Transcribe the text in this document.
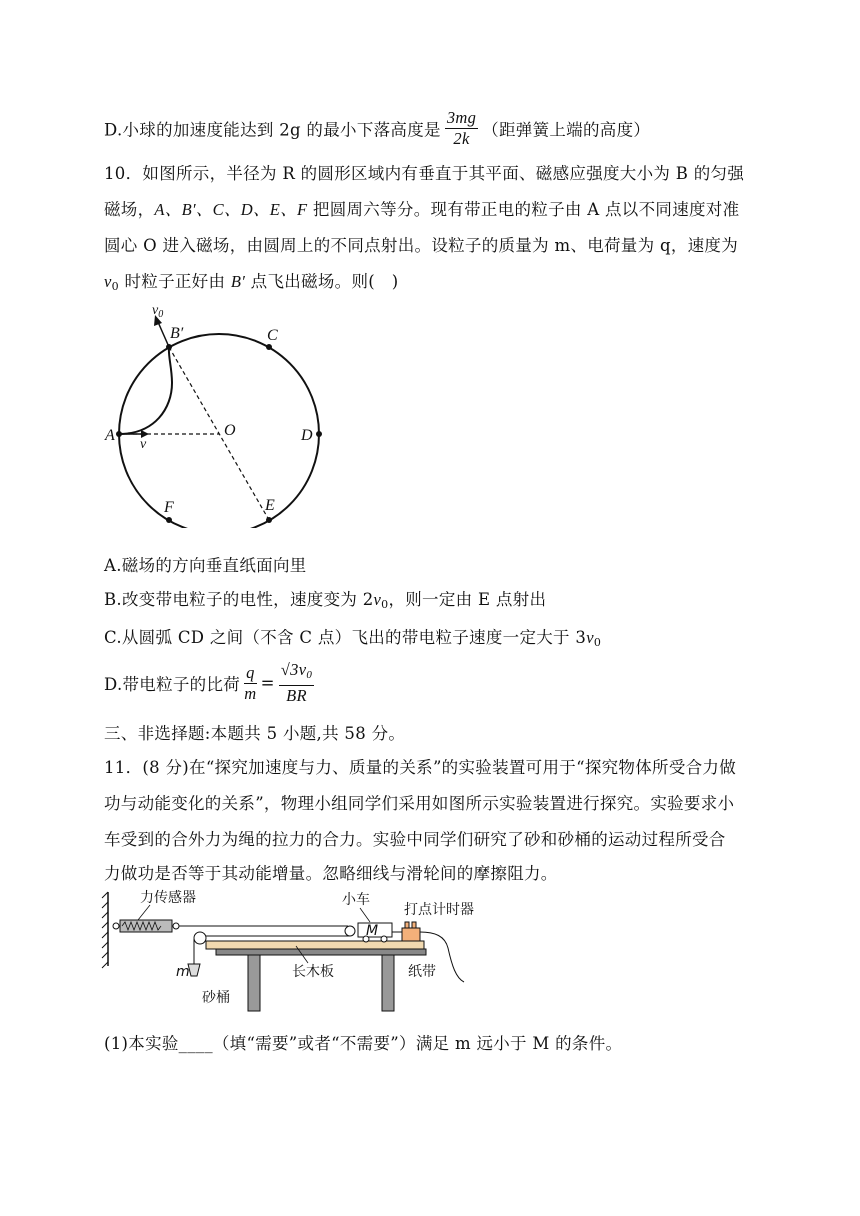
D.小球的加速度能达到 2g 的最小下落高度是 $\frac{3mg}{2k}$ （距弹簧上端的高度）
10．如图所示，半径为 R 的圆形区域内有垂直于其平面、磁感应强度大小为 B 的匀强
磁场，A、B′、C、D、E、F 把圆周六等分。现有带正电的粒子由 A 点以不同速度对准
圆心 O 进入磁场，由圆周上的不同点射出。设粒子的质量为 m、电荷量为 q，速度为
$v_0$ 时粒子正好由 B′ 点飞出磁场。则(　)
$v_0$
B′	C
A
v
O	D
F	E
A.磁场的方向垂直纸面向里
B.改变带电粒子的电性，速度变为 $2v_0$，则一定由 E 点射出
C.从圆弧 CD 之间（不含 C 点）飞出的带电粒子速度一定大于 $3v_0$
D.带电粒子的比荷 $\frac{q}{m} = \frac{√3v_0}{BR}$
三、非选择题:本题共 5 小题,共 58 分。
11．(8 分)在“探究加速度与力、质量的关系”的实验装置可用于“探究物体所受合力做
功与动能变化的关系”，物理小组同学们采用如图所示实验装置进行探究。实验要求小
车受到的合外力为绳的拉力的合力。实验中同学们研究了砂和砂桶的运动过程所受合
力做功是否等于其动能增量。忽略细线与滑轮间的摩擦阻力。
力传感器
m
砂桶
M
小车
打点计时器
长木板	纸带
(1)本实验____（填“需要”或者“不需要”）满足 m 远小于 M 的条件。
